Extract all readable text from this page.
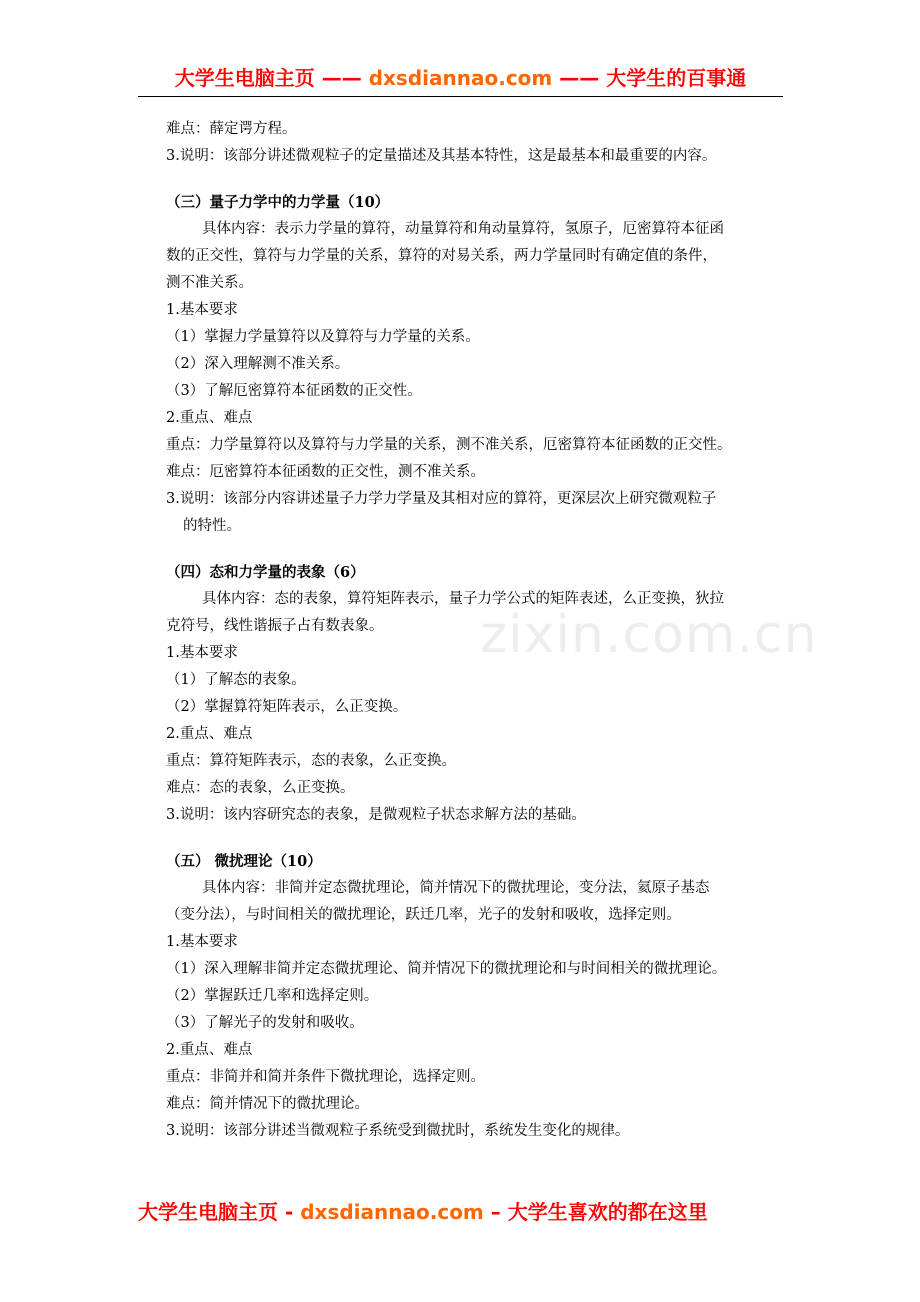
大学生电脑主页 —— dxsdiannao.com —— 大学生的百事通
zixin.com.cn
难点：薛定谔方程。
3.说明：该部分讲述微观粒子的定量描述及其基本特性，这是最基本和最重要的内容。
（三）量子力学中的力学量（10）
具体内容：表示力学量的算符，动量算符和角动量算符，氢原子，厄密算符本征函
数的正交性，算符与力学量的关系，算符的对易关系，两力学量同时有确定值的条件，
测不准关系。
1.基本要求
（1）掌握力学量算符以及算符与力学量的关系。
（2）深入理解测不准关系。
（3）了解厄密算符本征函数的正交性。
2.重点、难点
重点：力学量算符以及算符与力学量的关系，测不准关系，厄密算符本征函数的正交性。
难点：厄密算符本征函数的正交性，测不准关系。
3.说明：该部分内容讲述量子力学力学量及其相对应的算符，更深层次上研究微观粒子
的特性。
（四）态和力学量的表象（6）
具体内容：态的表象，算符矩阵表示，量子力学公式的矩阵表述，么正变换，狄拉
克符号，线性谐振子占有数表象。
1.基本要求
（1）了解态的表象。
（2）掌握算符矩阵表示，么正变换。
2.重点、难点
重点：算符矩阵表示，态的表象，么正变换。
难点：态的表象，么正变换。
3.说明：该内容研究态的表象，是微观粒子状态求解方法的基础。
（五） 微扰理论（10）
具体内容：非简并定态微扰理论，简并情况下的微扰理论，变分法，氦原子基态
（变分法），与时间相关的微扰理论，跃迁几率，光子的发射和吸收，选择定则。
1.基本要求
（1）深入理解非简并定态微扰理论、简并情况下的微扰理论和与时间相关的微扰理论。
（2）掌握跃迁几率和选择定则。
（3）了解光子的发射和吸收。
2.重点、难点
重点：非简并和简并条件下微扰理论，选择定则。
难点：简并情况下的微扰理论。
3.说明：该部分讲述当微观粒子系统受到微扰时，系统发生变化的规律。
大学生电脑主页 - dxsdiannao.com – 大学生喜欢的都在这里
